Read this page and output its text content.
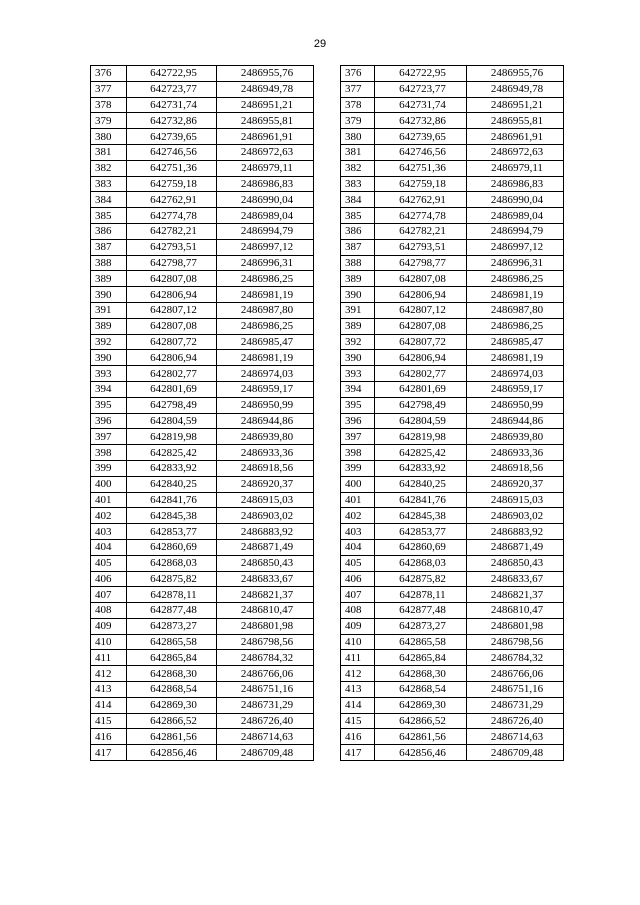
29
376	642722,95	2486955,76		376	642722,95	2486955,76
377	642723,77	2486949,78		377	642723,77	2486949,78
378	642731,74	2486951,21		378	642731,74	2486951,21
379	642732,86	2486955,81		379	642732,86	2486955,81
380	642739,65	2486961,91		380	642739,65	2486961,91
381	642746,56	2486972,63		381	642746,56	2486972,63
382	642751,36	2486979,11		382	642751,36	2486979,11
383	642759,18	2486986,83		383	642759,18	2486986,83
384	642762,91	2486990,04		384	642762,91	2486990,04
385	642774,78	2486989,04		385	642774,78	2486989,04
386	642782,21	2486994,79		386	642782,21	2486994,79
387	642793,51	2486997,12		387	642793,51	2486997,12
388	642798,77	2486996,31		388	642798,77	2486996,31
389	642807,08	2486986,25		389	642807,08	2486986,25
390	642806,94	2486981,19		390	642806,94	2486981,19
391	642807,12	2486987,80		391	642807,12	2486987,80
389	642807,08	2486986,25		389	642807,08	2486986,25
392	642807,72	2486985,47		392	642807,72	2486985,47
390	642806,94	2486981,19		390	642806,94	2486981,19
393	642802,77	2486974,03		393	642802,77	2486974,03
394	642801,69	2486959,17		394	642801,69	2486959,17
395	642798,49	2486950,99		395	642798,49	2486950,99
396	642804,59	2486944,86		396	642804,59	2486944,86
397	642819,98	2486939,80		397	642819,98	2486939,80
398	642825,42	2486933,36		398	642825,42	2486933,36
399	642833,92	2486918,56		399	642833,92	2486918,56
400	642840,25	2486920,37		400	642840,25	2486920,37
401	642841,76	2486915,03		401	642841,76	2486915,03
402	642845,38	2486903,02		402	642845,38	2486903,02
403	642853,77	2486883,92		403	642853,77	2486883,92
404	642860,69	2486871,49		404	642860,69	2486871,49
405	642868,03	2486850,43		405	642868,03	2486850,43
406	642875,82	2486833,67		406	642875,82	2486833,67
407	642878,11	2486821,37		407	642878,11	2486821,37
408	642877,48	2486810,47		408	642877,48	2486810,47
409	642873,27	2486801,98		409	642873,27	2486801,98
410	642865,58	2486798,56		410	642865,58	2486798,56
411	642865,84	2486784,32		411	642865,84	2486784,32
412	642868,30	2486766,06		412	642868,30	2486766,06
413	642868,54	2486751,16		413	642868,54	2486751,16
414	642869,30	2486731,29		414	642869,30	2486731,29
415	642866,52	2486726,40		415	642866,52	2486726,40
416	642861,56	2486714,63		416	642861,56	2486714,63
417	642856,46	2486709,48		417	642856,46	2486709,48
